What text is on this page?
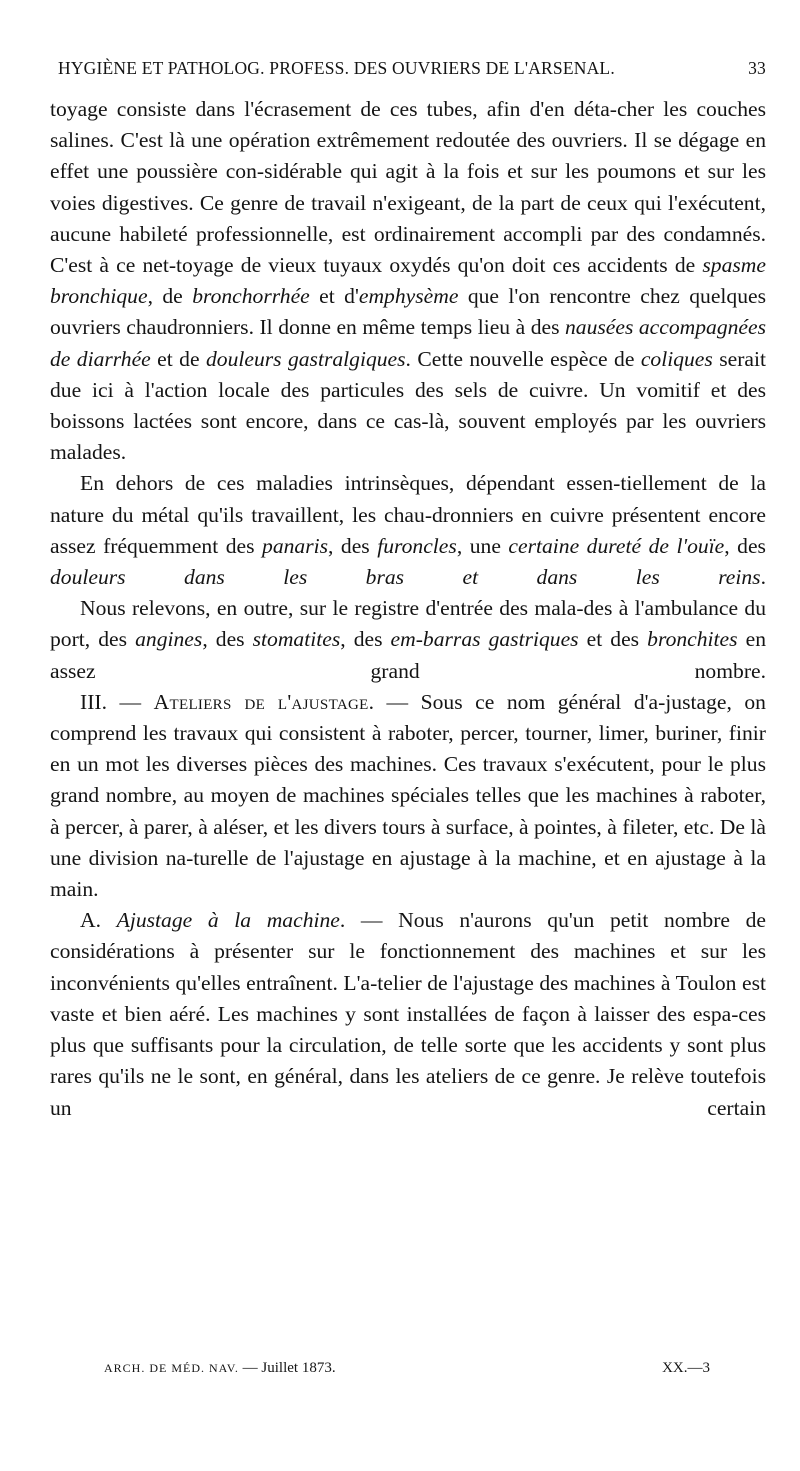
HYGIÈNE ET PATHOLOG. PROFESS. DES OUVRIERS DE L'ARSENAL.	33

toyage consiste dans l'écrasement de ces tubes, afin d'en déta-cher les couches salines. C'est là une opération extrêmement redoutée des ouvriers. Il se dégage en effet une poussière con-sidérable qui agit à la fois et sur les poumons et sur les voies digestives. Ce genre de travail n'exigeant, de la part de ceux qui l'exécutent, aucune habileté professionnelle, est ordinairement accompli par des condamnés. C'est à ce net-toyage de vieux tuyaux oxydés qu'on doit ces accidents de spasme bronchique, de bronchorrhée et d'emphysème que l'on rencontre chez quelques ouvriers chaudronniers. Il donne en même temps lieu à des nausées accompagnées de diarrhée et de douleurs gastralgiques. Cette nouvelle espèce de coliques serait due ici à l'action locale des particules des sels de cuivre. Un vomitif et des boissons lactées sont encore, dans ce cas-là, souvent employés par les ouvriers malades.

En dehors de ces maladies intrinsèques, dépendant essen-tiellement de la nature du métal qu'ils travaillent, les chau-dronniers en cuivre présentent encore assez fréquemment des panaris, des furoncles, une certaine dureté de l'ouïe, des douleurs dans les bras et dans les reins.

Nous relevons, en outre, sur le registre d'entrée des mala-des à l'ambulance du port, des angines, des stomatites, des em-barras gastriques et des bronchites en assez grand nombre.

III. — Ateliers de l'ajustage. — Sous ce nom général d'a-justage, on comprend les travaux qui consistent à raboter, percer, tourner, limer, buriner, finir en un mot les diverses pièces des machines. Ces travaux s'exécutent, pour le plus grand nombre, au moyen de machines spéciales telles que les machines à raboter, à percer, à parer, à aléser, et les divers tours à surface, à pointes, à fileter, etc. De là une division na-turelle de l'ajustage en ajustage à la machine, et en ajustage à la main.

A. Ajustage à la machine. — Nous n'aurons qu'un petit nombre de considérations à présenter sur le fonctionnement des machines et sur les inconvénients qu'elles entraînent. L'a-telier de l'ajustage des machines à Toulon est vaste et bien aéré. Les machines y sont installées de façon à laisser des espa-ces plus que suffisants pour la circulation, de telle sorte que les accidents y sont plus rares qu'ils ne le sont, en général, dans les ateliers de ce genre. Je relève toutefois un certain

ARCH. DE MÉD. NAV. — Juillet 1873.	XX.—3
